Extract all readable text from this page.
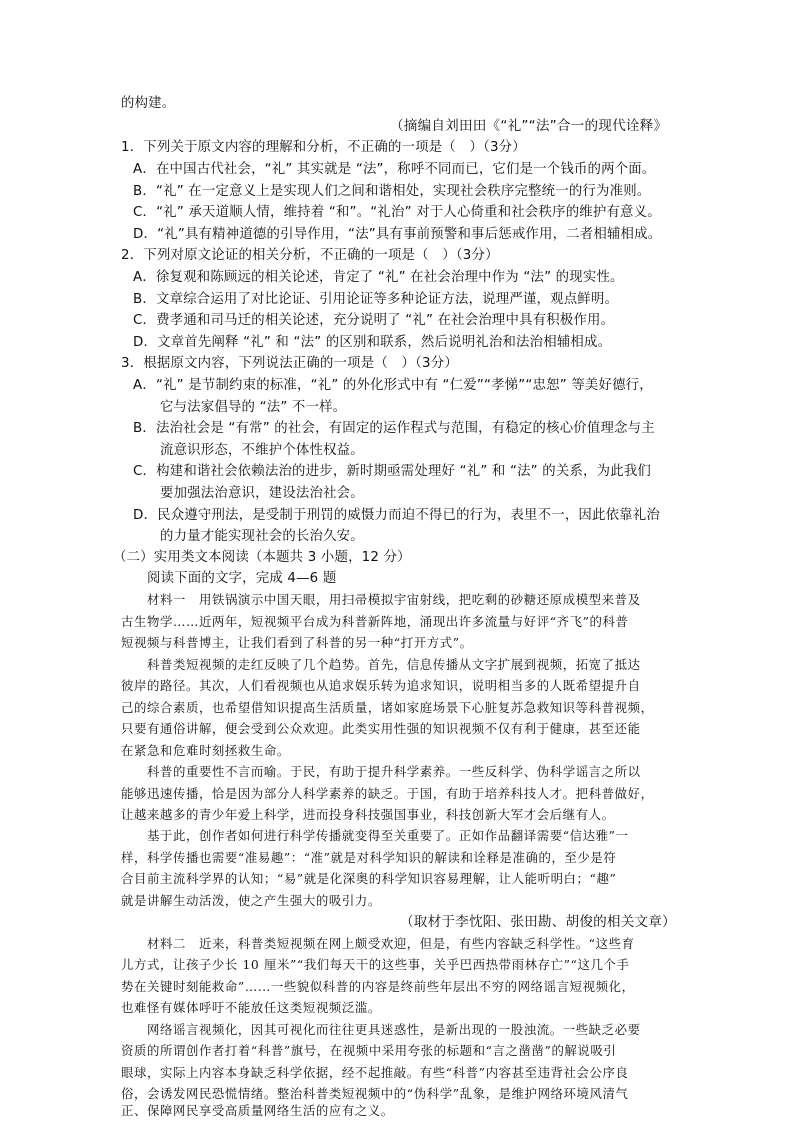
的构建。
（摘编自刘田田《“礼”“法”合一的现代诠释》
1．下列关于原文内容的理解和分析，不正确的一项是（　）（3分）
A．在中国古代社会，“礼” 其实就是 “法”，称呼不同而已，它们是一个钱币的两个面。
B．“礼” 在一定意义上是实现人们之间和谐相处，实现社会秩序完整统一的行为准则。
C．“礼” 承天道顺人情，维持着 “和”。“礼治” 对于人心倚重和社会秩序的维护有意义。
D．“礼”具有精神道德的引导作用，“法”具有事前预警和事后惩戒作用，二者相辅相成。
2．下列对原文论证的相关分析，不正确的一项是（　）（3分）
A．徐复观和陈顾远的相关论述，肯定了 “礼” 在社会治理中作为 “法” 的现实性。
B．文章综合运用了对比论证、引用论证等多种论证方法，说理严谨，观点鲜明。
C．费孝通和司马迁的相关论述，充分说明了 “礼” 在社会治理中具有积极作用。
D．文章首先阐释 “礼” 和 “法” 的区别和联系，然后说明礼治和法治相辅相成。
3．根据原文内容，下列说法正确的一项是（　）（3分）
A．“礼” 是节制约束的标准，“礼” 的外化形式中有 “仁爱”“孝悌”“忠恕” 等美好德行，
它与法家倡导的 “法” 不一样。
B．法治社会是 “有常” 的社会，有固定的运作程式与范围，有稳定的核心价值理念与主
流意识形态，不维护个体性权益。
C．构建和谐社会依赖法治的进步，新时期亟需处理好 “礼” 和 “法” 的关系，为此我们
要加强法治意识，建设法治社会。
D．民众遵守刑法，是受制于刑罚的威慑力而迫不得已的行为，表里不一，因此依靠礼治
的力量才能实现社会的长治久安。
（二）实用类文本阅读（本题共 3 小题，12 分）
阅读下面的文字，完成 4—6 题
材料一　用铁锅演示中国天眼，用扫帚模拟宇宙射线，把吃剩的砂糖还原成模型来普及
古生物学……近两年，短视频平台成为科普新阵地，涌现出许多流量与好评“齐飞”的科普
短视频与科普博主，让我们看到了科普的另一种“打开方式”。
科普类短视频的走红反映了几个趋势。首先，信息传播从文字扩展到视频，拓宽了抵达
彼岸的路径。其次，人们看视频也从追求娱乐转为追求知识，说明相当多的人既希望提升自
己的综合素质，也希望借知识提高生活质量，诸如家庭场景下心脏复苏急救知识等科普视频，
只要有通俗讲解，便会受到公众欢迎。此类实用性强的知识视频不仅有利于健康，甚至还能
在紧急和危难时刻拯救生命。
科普的重要性不言而喻。于民，有助于提升科学素养。一些反科学、伪科学谣言之所以
能够迅速传播，恰是因为部分人科学素养的缺乏。于国，有助于培养科技人才。把科普做好，
让越来越多的青少年爱上科学，进而投身科技强国事业，科技创新大军才会后继有人。
基于此，创作者如何进行科学传播就变得至关重要了。正如作品翻译需要“信达雅”一
样，科学传播也需要“准易趣”：“准”就是对科学知识的解读和诠释是准确的，至少是符
合目前主流科学界的认知；“易”就是化深奥的科学知识容易理解，让人能听明白；“趣”
就是讲解生动活泼，使之产生强大的吸引力。
（取材于李忱阳、张田勘、胡俊的相关文章）
材料二　近来，科普类短视频在网上颇受欢迎，但是，有些内容缺乏科学性。“这些育
儿方式，让孩子少长 10 厘米”“我们每天干的这些事，关乎巴西热带雨林存亡”“这几个手
势在关键时刻能救命”……一些貌似科普的内容是终前些年层出不穷的网络谣言短视频化，
也难怪有媒体呼吁不能放任这类短视频泛滥。
网络谣言视频化，因其可视化而往往更具迷惑性，是新出现的一股浊流。一些缺乏必要
资质的所谓创作者打着“科普”旗号，在视频中采用夸张的标题和“言之凿凿”的解说吸引
眼球，实际上内容本身缺乏科学依据，经不起推敲。有些“科普”内容甚至违背社会公序良
俗，会诱发网民恐慌情绪。整治科普类短视频中的“伪科学”乱象，是维护网络环境风清气
正、保障网民享受高质量网络生活的应有之义。
